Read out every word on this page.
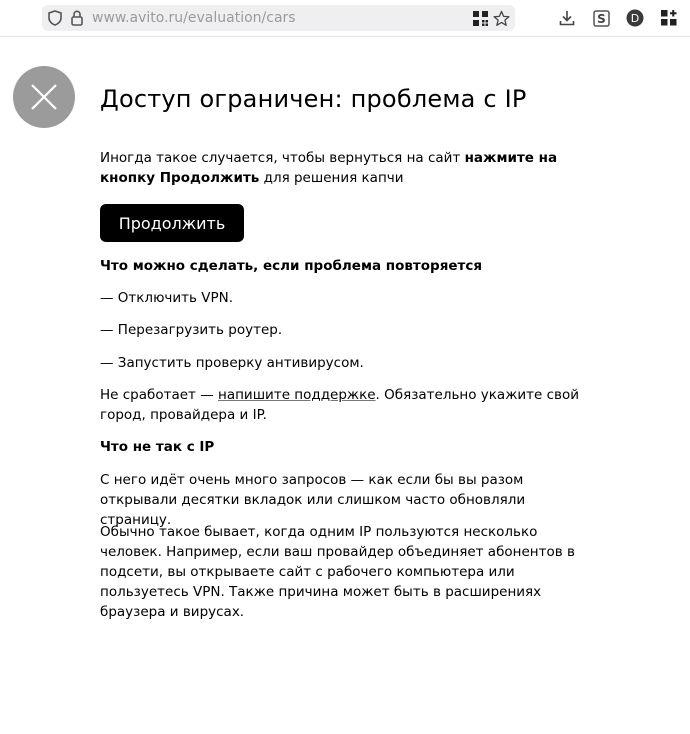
www.avito.ru/evaluation/cars	S D
Доступ ограничен: проблема с IP

Иногда такое случается, чтобы вернуться на сайт нажмите на кнопку Продолжить для решения капчи

Продолжить

Что можно сделать, если проблема повторяется

— Отключить VPN.

— Перезагрузить роутер.

— Запустить проверку антивирусом.

Не сработает — напишите поддержке. Обязательно укажите свой город, провайдера и IP.

Что не так с IP

С него идёт очень много запросов — как если бы вы разом открывали десятки вкладок или слишком часто обновляли страницу.

Обычно такое бывает, когда одним IP пользуются несколько человек. Например, если ваш провайдер объединяет абонентов в подсети, вы открываете сайт с рабочего компьютера или пользуетесь VPN. Также причина может быть в расширениях браузера и вирусах.
